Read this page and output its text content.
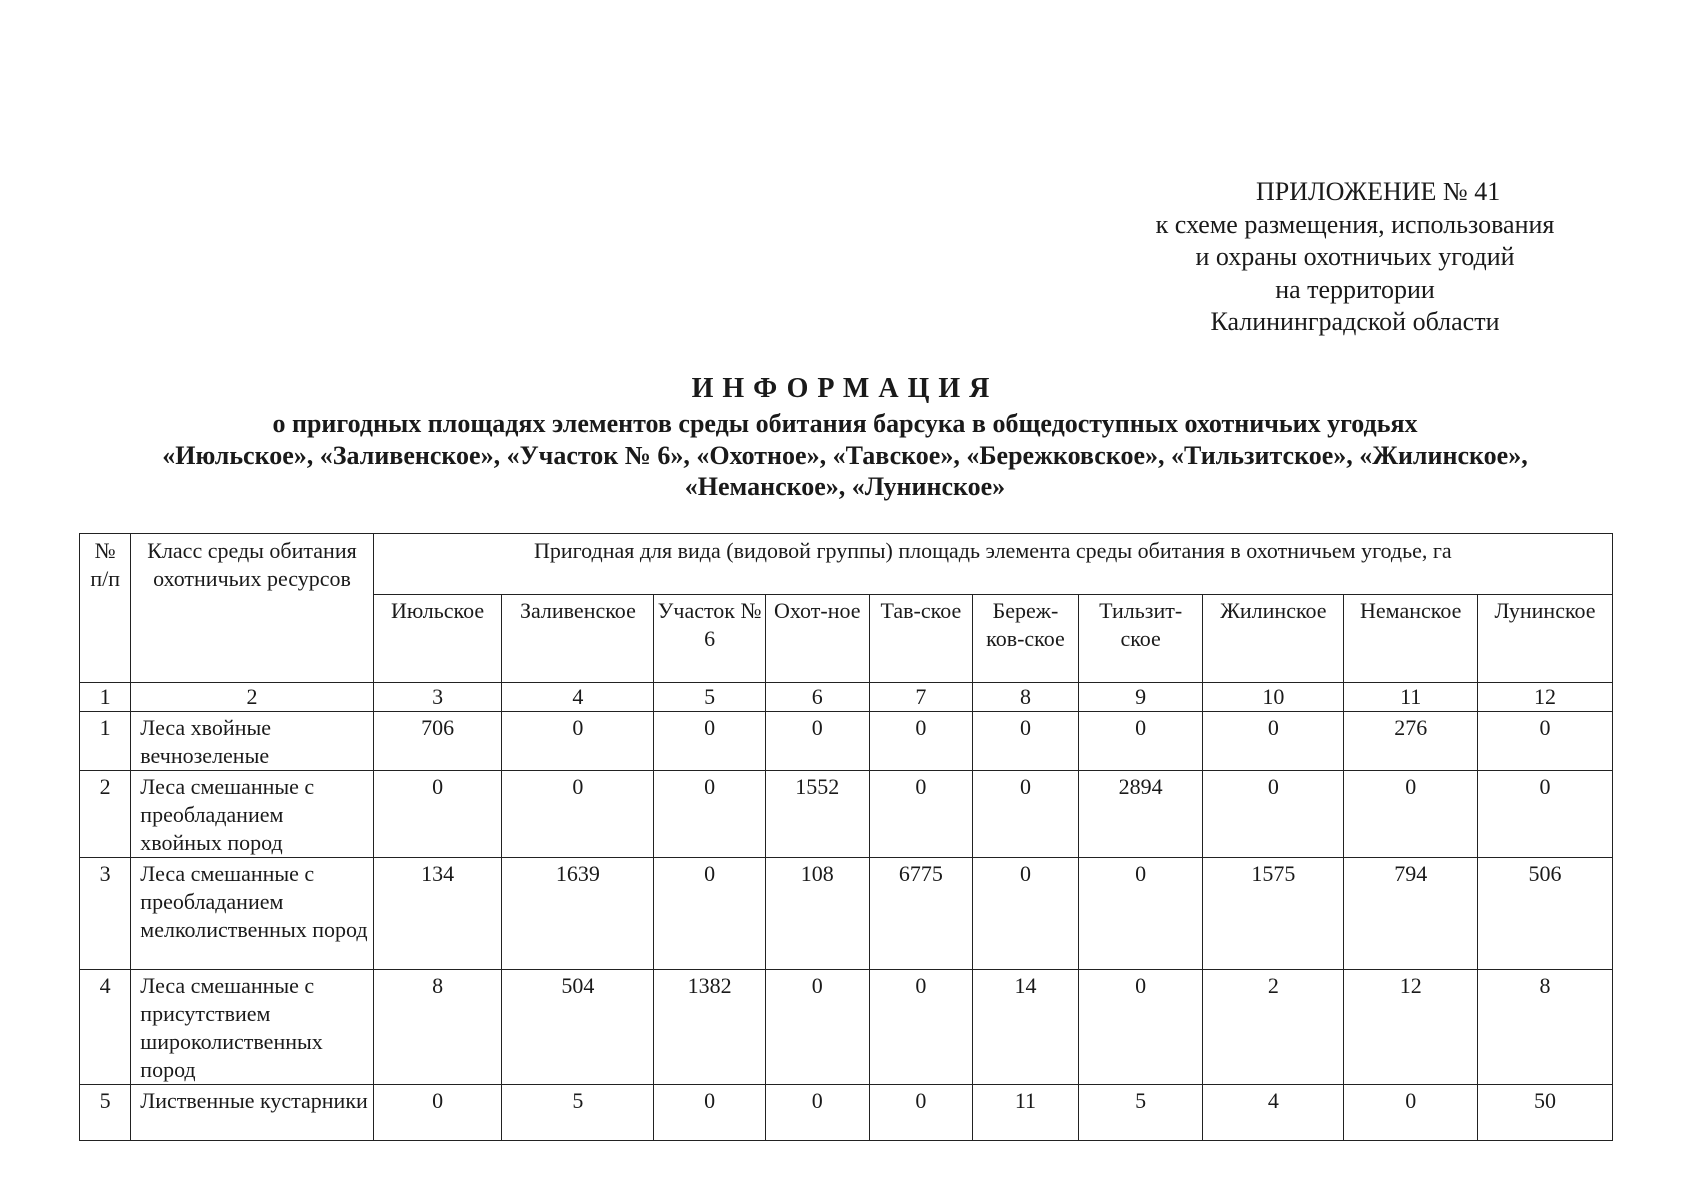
ПРИЛОЖЕНИЕ № 41
к схеме размещения, использования
и охраны охотничьих угодий
на территории
Калининградской области
ИНФОРМАЦИЯ
о пригодных площадях элементов среды обитания барсука в общедоступных охотничьих угодьях
«Июльское», «Заливенское», «Участок № 6», «Охотное», «Тавское», «Бережковское», «Тильзитское», «Жилинское»,
«Неманское», «Лунинское»
№ п/п	Класс среды обитания охотничьих ресурсов	Пригодная для вида (видовой группы) площадь элемента среды обитания в охотничьем угодье, га									
		Июльское	Заливенское	Участок № 6	Охот-ное	Тав-ское	Береж-ков-ское	Тильзит-ское	Жилинское	Неманское	Лунинское
1	2	3	4	5	6	7	8	9	10	11	12
1	Леса хвойные вечнозеленые	706	0	0	0	0	0	0	0	276	0
2	Леса смешанные с преобладанием хвойных пород	0	0	0	1552	0	0	2894	0	0	0
3	Леса смешанные с преобладанием мелколиственных пород	134	1639	0	108	6775	0	0	1575	794	506
4	Леса смешанные с присутствием широколиственных пород	8	504	1382	0	0	14	0	2	12	8
5	Лиственные кустарники	0	5	0	0	0	11	5	4	0	50
